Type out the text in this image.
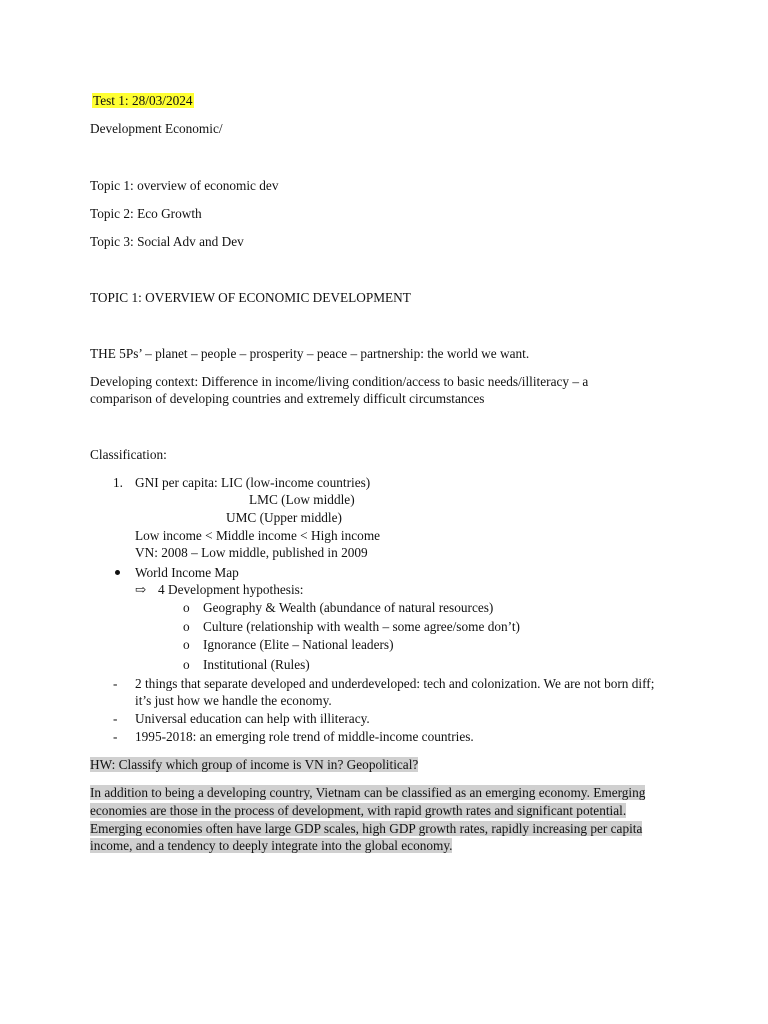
Test 1: 28/03/2024
Development Economic/
Topic 1: overview of economic dev
Topic 2: Eco Growth
Topic 3: Social Adv and Dev
TOPIC 1: OVERVIEW OF ECONOMIC DEVELOPMENT
THE 5Ps’ – planet – people – prosperity – peace – partnership: the world we want.
Developing context: Difference in income/living condition/access to basic needs/illiteracy – a
comparison of developing countries and extremely difficult circumstances
Classification:
1. GNI per capita: LIC (low-income countries)
LMC (Low middle)
UMC (Upper middle)
Low income < Middle income < High income
VN: 2008 – Low middle, published in 2009
World Income Map
⇨ 4 Development hypothesis:
o Geography & Wealth (abundance of natural resources)
o Culture (relationship with wealth – some agree/some don’t)
o Ignorance (Elite – National leaders)
o Institutional (Rules)
- 2 things that separate developed and underdeveloped: tech and colonization. We are not born diff;
it’s just how we handle the economy.
- Universal education can help with illiteracy.
- 1995-2018: an emerging role trend of middle-income countries.
HW: Classify which group of income is VN in? Geopolitical?
In addition to being a developing country, Vietnam can be classified as an emerging economy. Emerging
economies are those in the process of development, with rapid growth rates and significant potential.
Emerging economies often have large GDP scales, high GDP growth rates, rapidly increasing per capita
income, and a tendency to deeply integrate into the global economy.
